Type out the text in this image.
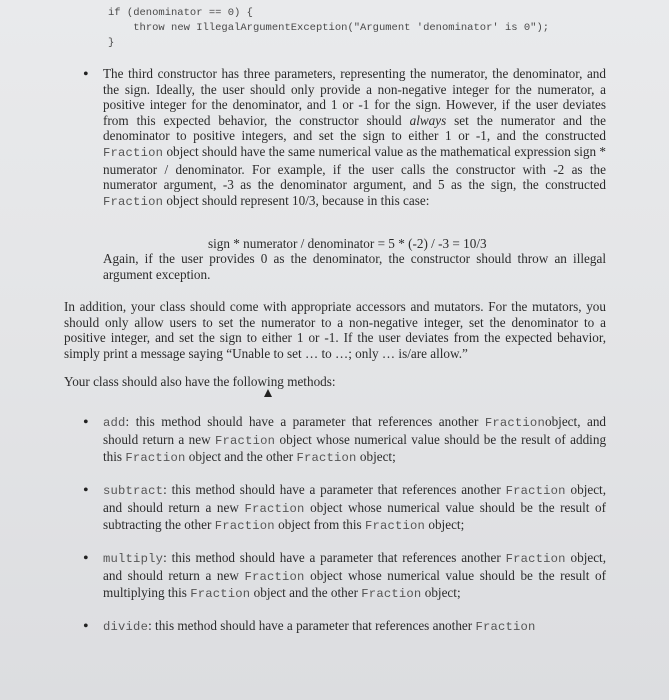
if (denominator == 0) {
throw new IllegalArgumentException("Argument 'denominator' is 0");
}
• The third constructor has three parameters, representing the numerator, the denominator, and the sign. Ideally, the user should only provide a non-negative integer for the numerator, a positive integer for the denominator, and 1 or -1 for the sign. However, if the user deviates from this expected behavior, the constructor should always set the numerator and the denominator to positive integers, and set the sign to either 1 or -1, and the constructed Fraction object should have the same numerical value as the mathematical expression sign * numerator / denominator. For example, if the user calls the constructor with -2 as the numerator argument, -3 as the denominator argument, and 5 as the sign, the constructed Fraction object should represent 10/3, because in this case:
sign * numerator / denominator = 5 * (-2) / -3 = 10/3
Again, if the user provides 0 as the denominator, the constructor should throw an illegal argument exception.
In addition, your class should come with appropriate accessors and mutators. For the mutators, you should only allow users to set the numerator to a non-negative integer, set the denominator to a positive integer, and set the sign to either 1 or -1. If the user deviates from the expected behavior, simply print a message saying “Unable to set … to …; only … is/are allow.”
Your class should also have the following methods:
• add: this method should have a parameter that references another Fractionobject, and should return a new Fraction object whose numerical value should be the result of adding this Fraction object and the other Fraction object;
• subtract: this method should have a parameter that references another Fraction object, and should return a new Fraction object whose numerical value should be the result of subtracting the other Fraction object from this Fraction object;
• multiply: this method should have a parameter that references another Fraction object, and should return a new Fraction object whose numerical value should be the result of multiplying this Fraction object and the other Fraction object;
• divide: this method should have a parameter that references another Fraction
